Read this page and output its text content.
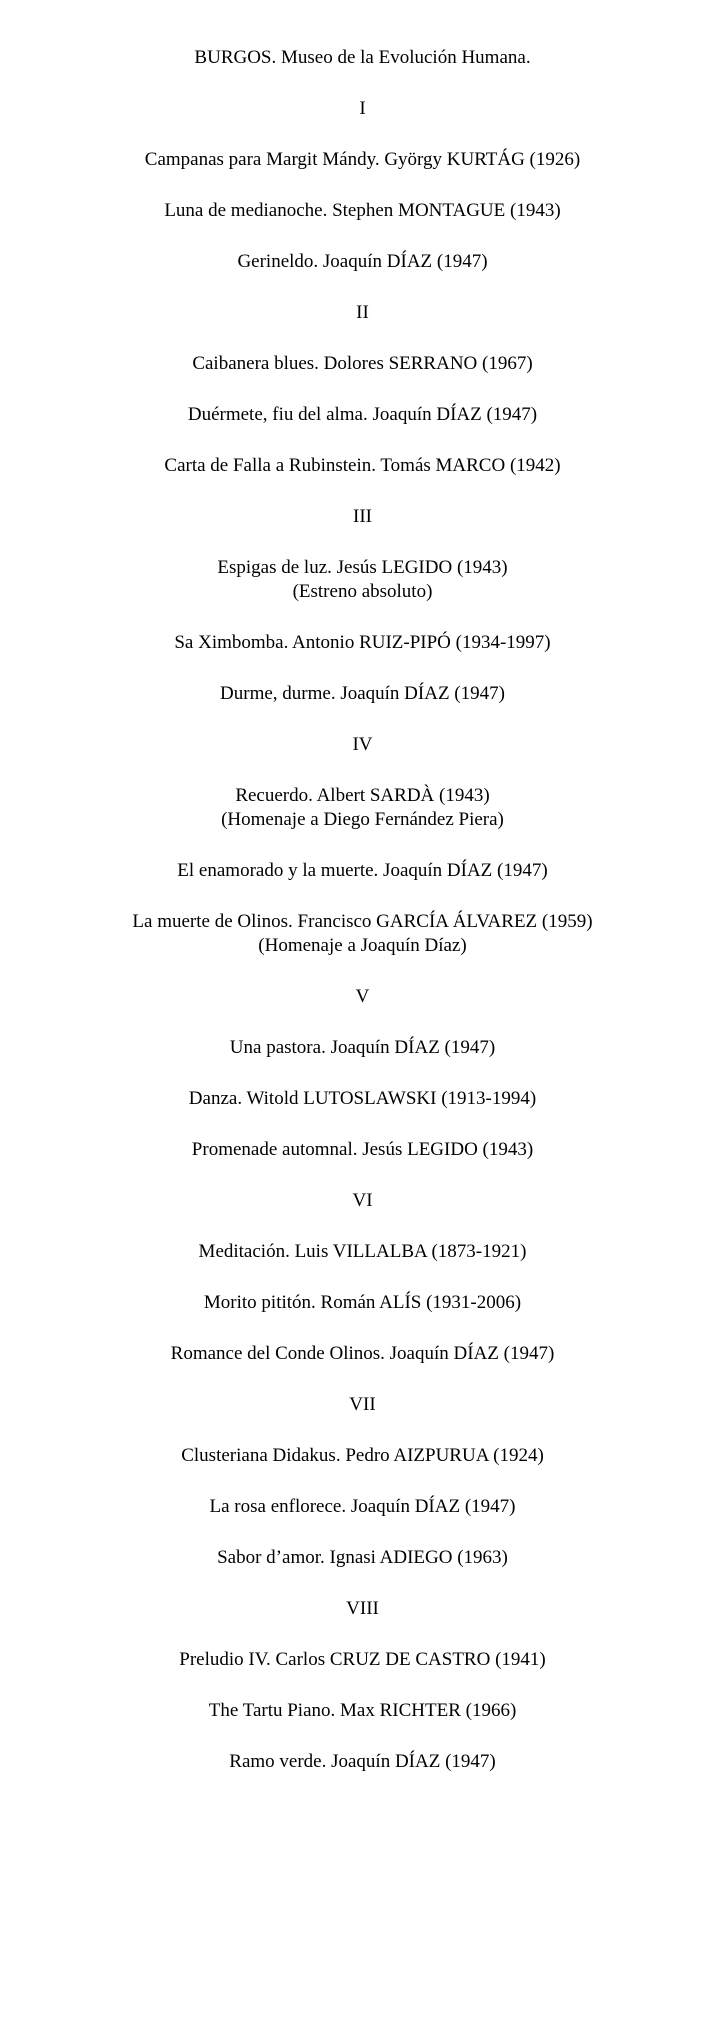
BURGOS. Museo de la Evolución Humana.
I
Campanas para Margit Mándy. György KURTÁG (1926)
Luna de medianoche. Stephen MONTAGUE (1943)
Gerineldo. Joaquín DÍAZ (1947)
II
Caibanera blues. Dolores SERRANO (1967)
Duérmete, fiu del alma. Joaquín DÍAZ (1947)
Carta de Falla a Rubinstein. Tomás MARCO (1942)
III
Espigas de luz. Jesús LEGIDO (1943)
(Estreno absoluto)
Sa Ximbomba. Antonio RUIZ-PIPÓ (1934-1997)
Durme, durme. Joaquín DÍAZ (1947)
IV
Recuerdo. Albert SARDÀ (1943)
(Homenaje a Diego Fernández Piera)
El enamorado y la muerte. Joaquín DÍAZ (1947)
La muerte de Olinos. Francisco GARCÍA ÁLVAREZ (1959)
(Homenaje a Joaquín Díaz)
V
Una pastora. Joaquín DÍAZ (1947)
Danza. Witold LUTOSLAWSKI (1913-1994)
Promenade automnal. Jesús LEGIDO (1943)
VI
Meditación. Luis VILLALBA (1873-1921)
Morito pititón. Román ALÍS (1931-2006)
Romance del Conde Olinos. Joaquín DÍAZ (1947)
VII
Clusteriana Didakus. Pedro AIZPURUA (1924)
La rosa enflorece. Joaquín DÍAZ (1947)
Sabor d’amor. Ignasi ADIEGO (1963)
VIII
Preludio IV. Carlos CRUZ DE CASTRO (1941)
The Tartu Piano. Max RICHTER (1966)
Ramo verde. Joaquín DÍAZ (1947)
